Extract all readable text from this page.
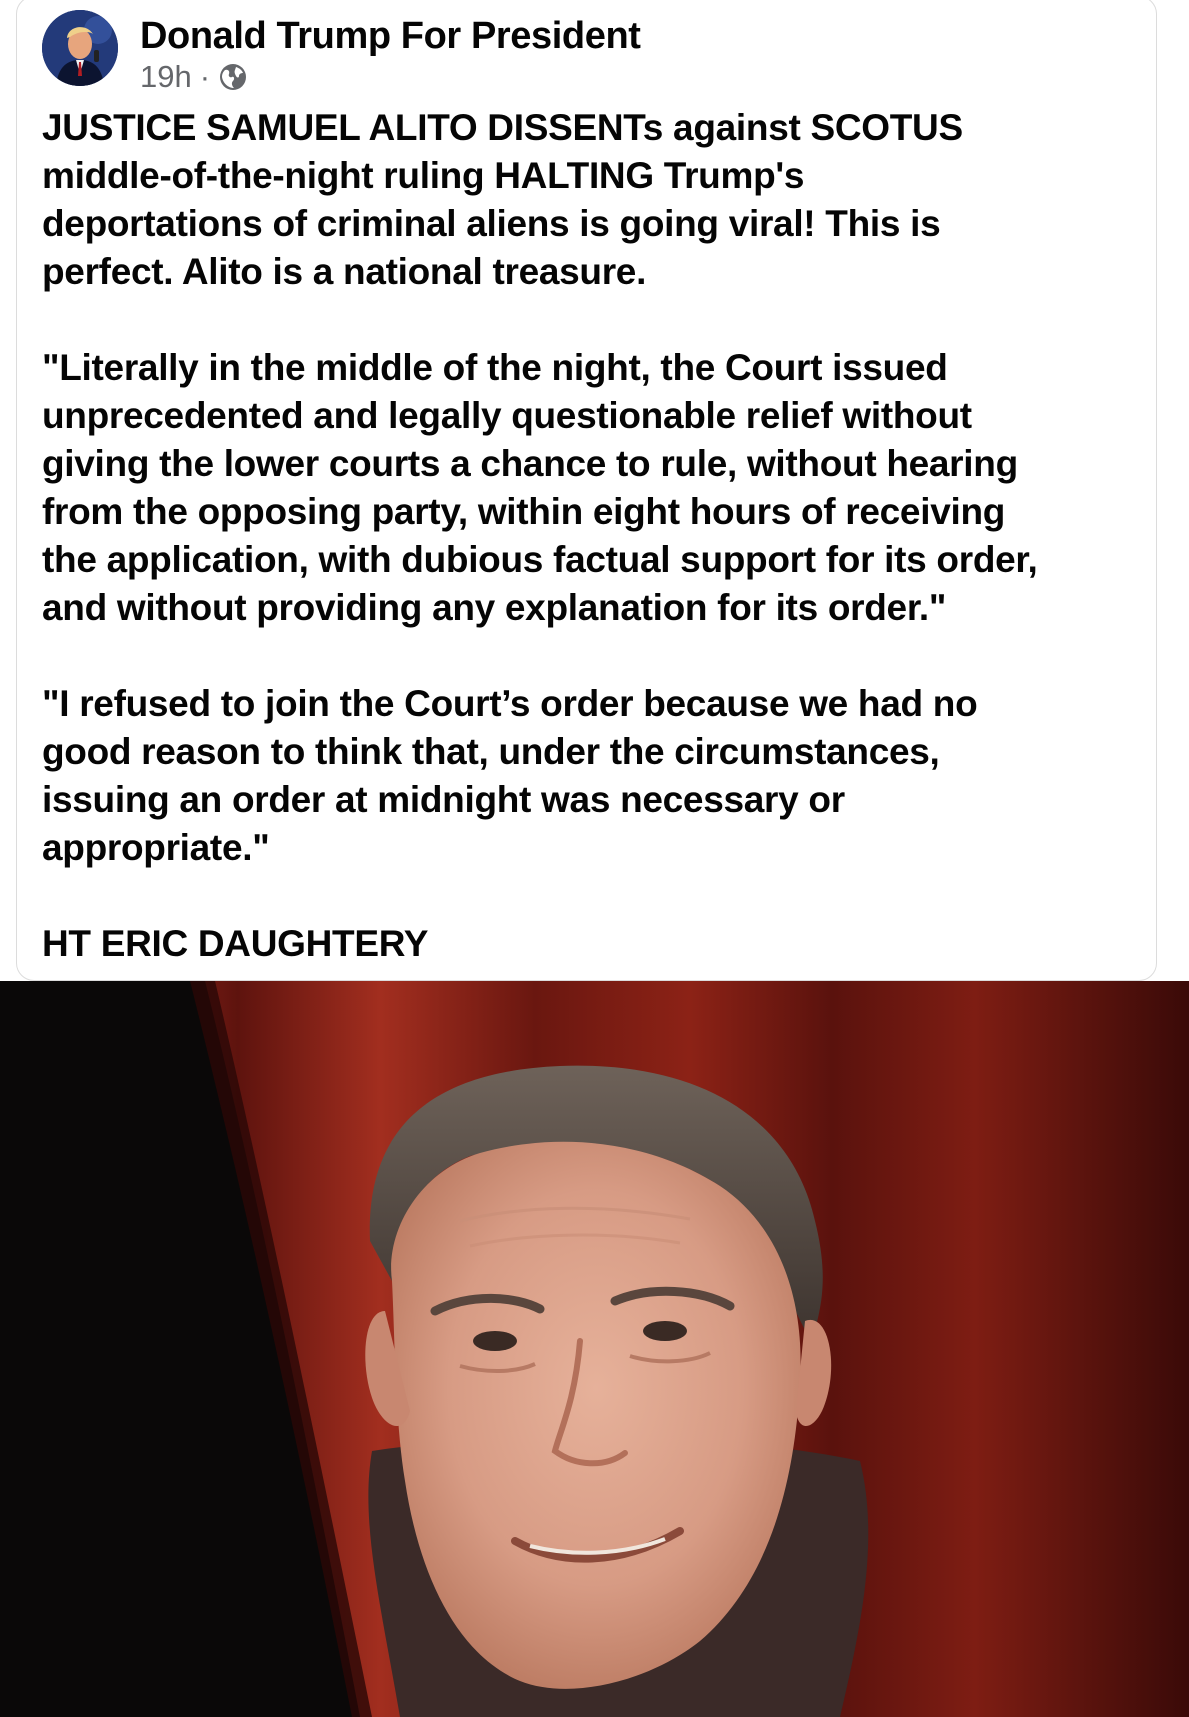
Donald Trump For President
19h ·

JUSTICE SAMUEL ALITO DISSENTs against SCOTUS
middle-of-the-night ruling HALTING Trump's
deportations of criminal aliens is going viral! This is
perfect. Alito is a national treasure.

"Literally in the middle of the night, the Court issued
unprecedented and legally questionable relief without
giving the lower courts a chance to rule, without hearing
from the opposing party, within eight hours of receiving
the application, with dubious factual support for its order,
and without providing any explanation for its order."

"I refused to join the Court’s order because we had no
good reason to think that, under the circumstances,
issuing an order at midnight was necessary or
appropriate."

HT ERIC DAUGHTERY
